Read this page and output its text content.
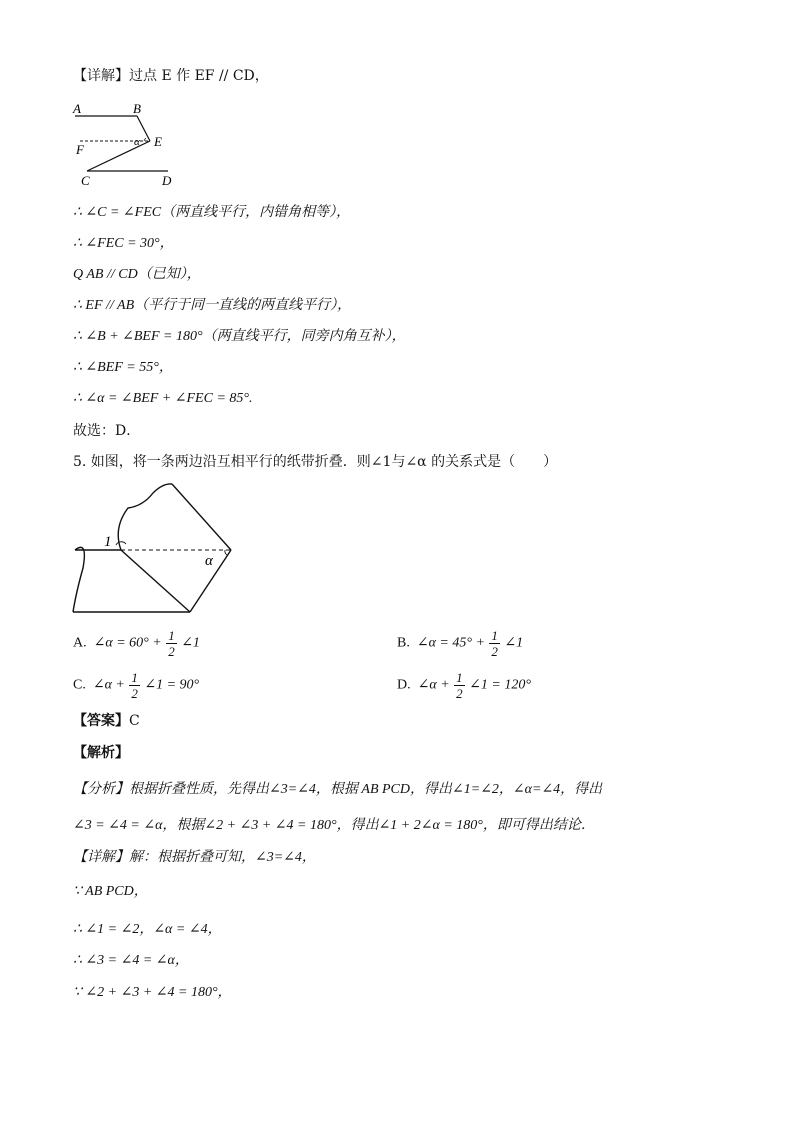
【详解】过点 E 作 EF // CD，
A	B
E
F	α
C	D
∴ ∠C = ∠FEC（两直线平行，内错角相等），
∴ ∠FEC = 30°，
Q AB // CD（已知），
∴ EF // AB（平行于同一直线的两直线平行），
∴ ∠B + ∠BEF = 180°（两直线平行，同旁内角互补），
∴ ∠BEF = 55°，
∴ ∠α = ∠BEF + ∠FEC = 85°.
故选：D．
5. 如图，将一条两边沿互相平行的纸带折叠．则∠1与∠α 的关系式是（　　）
1
α
A. ∠α = $60^\circ + \frac{1}{2}$ ∠1	B. ∠α = $45^\circ + \frac{1}{2}$ ∠1
C. ∠α + $\frac{1}{2}$ ∠1 = 90°	D. ∠α + $\frac{1}{2}$ ∠1 = 120°
【答案】C
【解析】
【分析】根据折叠性质，先得出∠3=∠4，根据 AB PCD，得出∠1=∠2，∠α=∠4，得出
∠3 = ∠4 = ∠α，根据∠2 + ∠3 + ∠4 = 180°，得出∠1 + 2∠α = 180°，即可得出结论．
【详解】解：根据折叠可知，∠3=∠4，
∵ AB PCD，
∴ ∠1 = ∠2，∠α = ∠4，
∴ ∠3 = ∠4 = ∠α，
∵ ∠2 + ∠3 + ∠4 = 180°，
